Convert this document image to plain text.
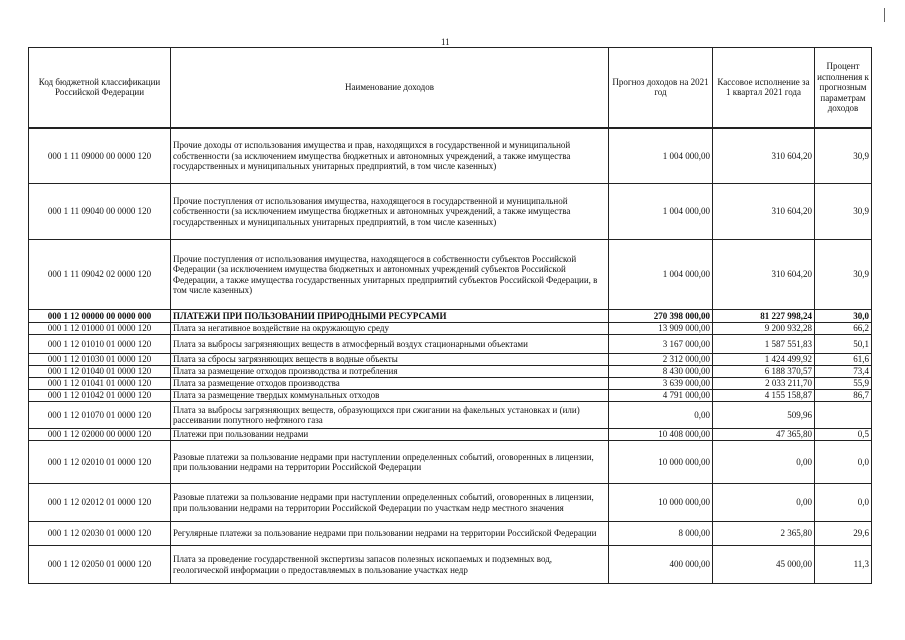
11
Код бюджетной классификации Российской Федерации	Наименование доходов	Прогноз доходов на 2021 год	Кассовое исполнение за 1 квартал 2021 года	Процент исполнения к прогнозным параметрам доходов
000 1 11 09000 00 0000 120	Прочие доходы от использования имущества и прав, находящихся в государственной и муниципальной собственности (за исключением имущества бюджетных и автономных учреждений, а также имущества государственных и муниципальных унитарных предприятий, в том числе казенных)	1 004 000,00	310 604,20	30,9
000 1 11 09040 00 0000 120	Прочие поступления от использования имущества, находящегося в государственной и муниципальной собственности (за исключением имущества бюджетных и автономных учреждений, а также имущества государственных и муниципальных унитарных предприятий, в том числе казенных)	1 004 000,00	310 604,20	30,9
000 1 11 09042 02 0000 120	Прочие поступления от использования имущества, находящегося в собственности субъектов Российской Федерации (за исключением имущества бюджетных и автономных учреждений субъектов Российской Федерации, а также имущества государственных унитарных предприятий субъектов Российской Федерации, в том числе казенных)	1 004 000,00	310 604,20	30,9
000 1 12 00000 00 0000 000	ПЛАТЕЖИ ПРИ ПОЛЬЗОВАНИИ ПРИРОДНЫМИ РЕСУРСАМИ	270 398 000,00	81 227 998,24	30,0
000 1 12 01000 01 0000 120	Плата за негативное воздействие на окружающую среду	13 909 000,00	9 200 932,28	66,2
000 1 12 01010 01 0000 120	Плата за выбросы загрязняющих веществ в атмосферный воздух стационарными объектами	3 167 000,00	1 587 551,83	50,1
000 1 12 01030 01 0000 120	Плата за сбросы загрязняющих веществ в водные объекты	2 312 000,00	1 424 499,92	61,6
000 1 12 01040 01 0000 120	Плата за размещение отходов производства и потребления	8 430 000,00	6 188 370,57	73,4
000 1 12 01041 01 0000 120	Плата за размещение отходов производства	3 639 000,00	2 033 211,70	55,9
000 1 12 01042 01 0000 120	Плата за размещение твердых коммунальных отходов	4 791 000,00	4 155 158,87	86,7
000 1 12 01070 01 0000 120	Плата за выбросы загрязняющих веществ, образующихся при сжигании на факельных установках и (или) рассеивании попутного нефтяного газа	0,00	509,96	
000 1 12 02000 00 0000 120	Платежи при пользовании недрами	10 408 000,00	47 365,80	0,5
000 1 12 02010 01 0000 120	Разовые платежи за пользование недрами при наступлении определенных событий, оговоренных в лицензии, при пользовании недрами на территории Российской Федерации	10 000 000,00	0,00	0,0
000 1 12 02012 01 0000 120	Разовые платежи за пользование недрами при наступлении определенных событий, оговоренных в лицензии, при пользовании недрами на территории Российской Федерации по участкам недр местного значения	10 000 000,00	0,00	0,0
000 1 12 02030 01 0000 120	Регулярные платежи за пользование недрами при пользовании недрами на территории Российской Федерации	8 000,00	2 365,80	29,6
000 1 12 02050 01 0000 120	Плата за проведение государственной экспертизы запасов полезных ископаемых и подземных вод, геологической информации о предоставляемых в пользование участках недр	400 000,00	45 000,00	11,3
